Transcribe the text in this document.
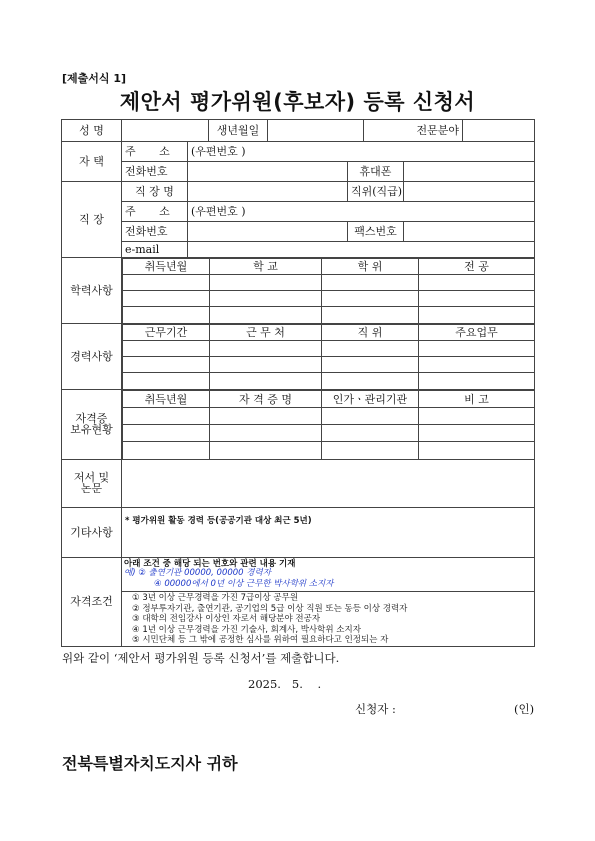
[제출서식 1]
제안서 평가위원(후보자) 등록 신청서
성 명		생년월일		전문분야	
자 택	주 소	(우편번호 )
전화번호		휴대폰	
직 장	직 장 명		직위(직급)	
주 소	(우편번호 )
전화번호		팩스번호	
e-mail	
학력사항	
취득년월	학 교	학 위	전 공

경력사항	
근무기간	근 무 처	직 위	주요업무

자격증
보유현황	
취득년월	자 격 증 명	인가ㆍ관리기관	비 고

저서 및
논문	
기타사항	* 평가위원 활동 경력 등(공공기관 대상 최근 5년)
자격조건	
아래 조건 중 해당 되는 번호와 관련 내용 기재
예) ② 출연기관 00000, 00000 경력자
④ 00000에서 0년 이상 근무한 박사학위 소지자
① 3년 이상 근무경력을 가진 7급이상 공무원
② 정부투자기관, 출연기관, 공기업의 5급 이상 직원 또는 동등 이상 경력자
③ 대학의 전임강사 이상인 자로서 해당분야 전공자
④ 1년 이상 근무경력을 가진 기술사, 회계사, 박사학위 소지자
⑤ 시민단체 등 그 밖에 공정한 심사를 위하여 필요하다고 인정되는 자
위와 같이 ‘제안서 평가위원 등록 신청서’를 제출합니다.
2025.   5.    .
신청자 :	(인)
전북특별자치도지사 귀하
